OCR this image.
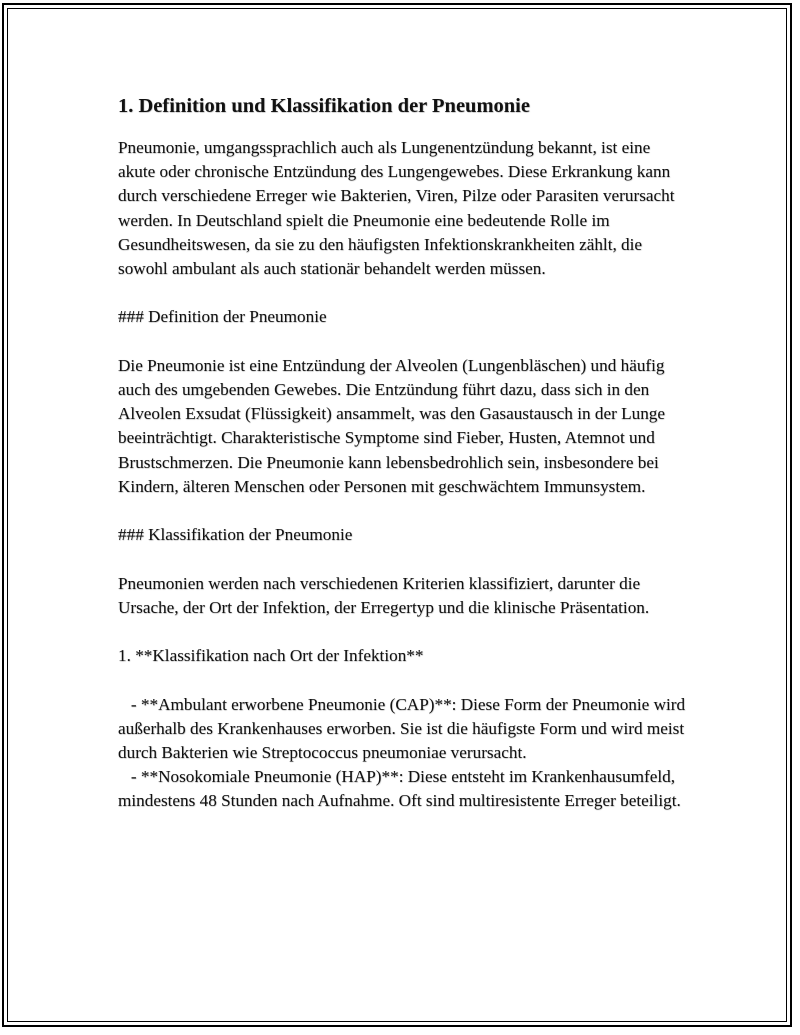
1. Definition und Klassifikation der Pneumonie

Pneumonie, umgangssprachlich auch als Lungenentzündung bekannt, ist eine akute oder chronische Entzündung des Lungengewebes. Diese Erkrankung kann durch verschiedene Erreger wie Bakterien, Viren, Pilze oder Parasiten verursacht werden. In Deutschland spielt die Pneumonie eine bedeutende Rolle im Gesundheitswesen, da sie zu den häufigsten Infektionskrankheiten zählt, die sowohl ambulant als auch stationär behandelt werden müssen.

### Definition der Pneumonie

Die Pneumonie ist eine Entzündung der Alveolen (Lungenbläschen) und häufig auch des umgebenden Gewebes. Die Entzündung führt dazu, dass sich in den Alveolen Exsudat (Flüssigkeit) ansammelt, was den Gasaustausch in der Lunge beeinträchtigt. Charakteristische Symptome sind Fieber, Husten, Atemnot und Brustschmerzen. Die Pneumonie kann lebensbedrohlich sein, insbesondere bei Kindern, älteren Menschen oder Personen mit geschwächtem Immunsystem.

### Klassifikation der Pneumonie

Pneumonien werden nach verschiedenen Kriterien klassifiziert, darunter die Ursache, der Ort der Infektion, der Erregertyp und die klinische Präsentation.

1. **Klassifikation nach Ort der Infektion**

- **Ambulant erworbene Pneumonie (CAP)**: Diese Form der Pneumonie wird außerhalb des Krankenhauses erworben. Sie ist die häufigste Form und wird meist durch Bakterien wie Streptococcus pneumoniae verursacht.

- **Nosokomiale Pneumonie (HAP)**: Diese entsteht im Krankenhausumfeld, mindestens 48 Stunden nach Aufnahme. Oft sind multiresistente Erreger beteiligt.
